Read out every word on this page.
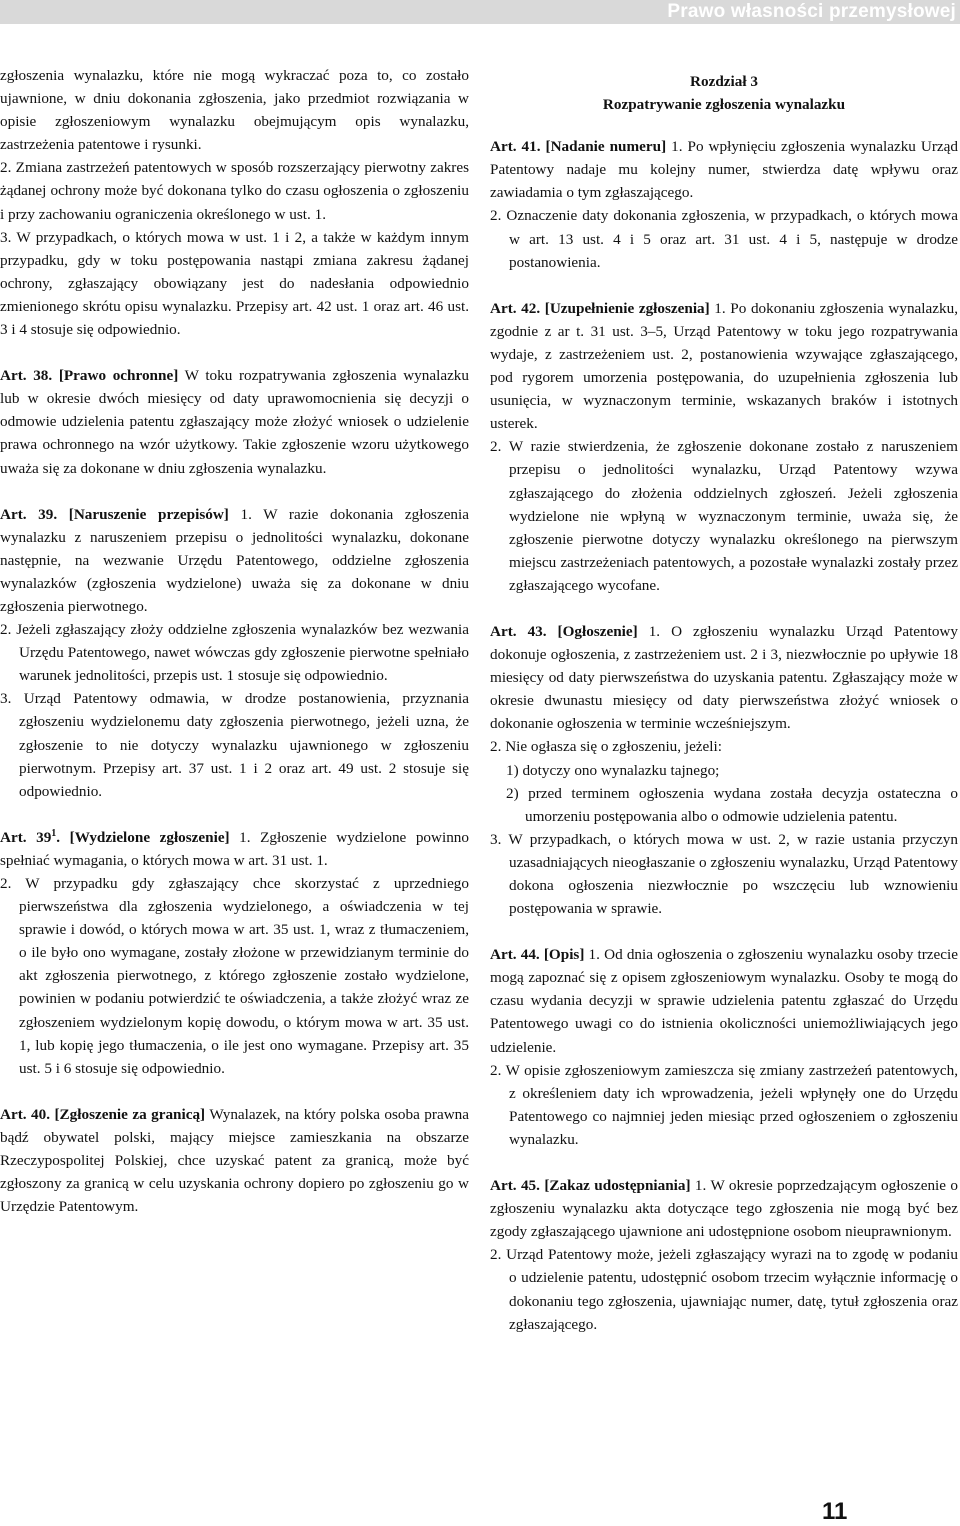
Prawo własności przemysłowej

zgłoszenia wynalazku, które nie mogą wykraczać poza to, co zostało ujawnione, w dniu dokonania zgłoszenia, jako przedmiot rozwiązania w opisie zgłoszeniowym wynalazku obejmującym opis wynalazku, zastrzeżenia patentowe i rysunki.

2. Zmiana zastrzeżeń patentowych w sposób rozszerzający pierwotny zakres żądanej ochrony może być dokonana tylko do czasu ogłoszenia o zgłoszeniu i przy zachowaniu ograniczenia określonego w ust. 1.

3. W przypadkach, o których mowa w ust. 1 i 2, a także w każdym innym przypadku, gdy w toku postępowania nastąpi zmiana zakresu żądanej ochrony, zgłaszający obowiązany jest do nadesłania odpowiednio zmienionego skrótu opisu wynalazku. Przepisy art. 42 ust. 1 oraz art. 46 ust. 3 i 4 stosuje się odpowiednio.

Art. 38. [Prawo ochronne] W toku rozpatrywania zgłoszenia wynalazku lub w okresie dwóch miesięcy od daty uprawomocnienia się decyzji o odmowie udzielenia patentu zgłaszający może złożyć wniosek o udzielenie prawa ochronnego na wzór użytkowy. Takie zgłoszenie wzoru użytkowego uważa się za dokonane w dniu zgłoszenia wynalazku.

Art. 39. [Naruszenie przepisów] 1. W razie dokonania zgłoszenia wynalazku z naruszeniem przepisu o jednolitości wynalazku, dokonane następnie, na wezwanie Urzędu Patentowego, oddzielne zgłoszenia wynalazków (zgłoszenia wydzielone) uważa się za dokonane w dniu zgłoszenia pierwotnego.

2. Jeżeli zgłaszający złoży oddzielne zgłoszenia wynalazków bez wezwania Urzędu Patentowego, nawet wówczas gdy zgłoszenie pierwotne spełniało warunek jednolitości, przepis ust. 1 stosuje się odpowiednio.

3. Urząd Patentowy odmawia, w drodze postanowienia, przyznania zgłoszeniu wydzielonemu daty zgłoszenia pierwotnego, jeżeli uzna, że zgłoszenie to nie dotyczy wynalazku ujawnionego w zgłoszeniu pierwotnym. Przepisy art. 37 ust. 1 i 2 oraz art. 49 ust. 2 stosuje się odpowiednio.

Art. $39^1$. [Wydzielone zgłoszenie] 1. Zgłoszenie wydzielone powinno spełniać wymagania, o których mowa w art. 31 ust. 1.

2. W przypadku gdy zgłaszający chce skorzystać z uprzedniego pierwszeństwa dla zgłoszenia wydzielonego, a oświadczenia w tej sprawie i dowód, o których mowa w art. 35 ust. 1, wraz z tłumaczeniem, o ile było ono wymagane, zostały złożone w przewidzianym terminie do akt zgłoszenia pierwotnego, z którego zgłoszenie zostało wydzielone, powinien w podaniu potwierdzić te oświadczenia, a także złożyć wraz ze zgłoszeniem wydzielonym kopię dowodu, o którym mowa w art. 35 ust. 1, lub kopię jego tłumaczenia, o ile jest ono wymagane. Przepisy art. 35 ust. 5 i 6 stosuje się odpowiednio.

Art. 40. [Zgłoszenie za granicą] Wynalazek, na który polska osoba prawna bądź obywatel polski, mający miejsce zamieszkania na obszarze Rzeczypospolitej Polskiej, chce uzyskać patent za granicą, może być zgłoszony za granicą w celu uzyskania ochrony dopiero po zgłoszeniu go w Urzędzie Patentowym.

Rozdział 3
Rozpatrywanie zgłoszenia wynalazku

Art. 41. [Nadanie numeru] 1. Po wpłynięciu zgłoszenia wynalazku Urząd Patentowy nadaje mu kolejny numer, stwierdza datę wpływu oraz zawiadamia o tym zgłaszającego.

2. Oznaczenie daty dokonania zgłoszenia, w przypadkach, o których mowa w art. 13 ust. 4 i 5 oraz art. 31 ust. 4 i 5, następuje w drodze postanowienia.

Art. 42. [Uzupełnienie zgłoszenia] 1. Po dokonaniu zgłoszenia wynalazku, zgodnie z ar t. 31 ust. 3–5, Urząd Patentowy w toku jego rozpatrywania wydaje, z zastrzeżeniem ust. 2, postanowienia wzywające zgłaszającego, pod rygorem umorzenia postępowania, do uzupełnienia zgłoszenia lub usunięcia, w wyznaczonym terminie, wskazanych braków i istotnych usterek.

2. W razie stwierdzenia, że zgłoszenie dokonane zostało z naruszeniem przepisu o jednolitości wynalazku, Urząd Patentowy wzywa zgłaszającego do złożenia oddzielnych zgłoszeń. Jeżeli zgłoszenia wydzielone nie wpłyną w wyznaczonym terminie, uważa się, że zgłoszenie pierwotne dotyczy wynalazku określonego na pierwszym miejscu zastrzeżeniach patentowych, a pozostałe wynalazki zostały przez zgłaszającego wycofane.

Art. 43. [Ogłoszenie] 1. O zgłoszeniu wynalazku Urząd Patentowy dokonuje ogłoszenia, z zastrzeżeniem ust. 2 i 3, niezwłocznie po upływie 18 miesięcy od daty pierwszeństwa do uzyskania patentu. Zgłaszający może w okresie dwunastu miesięcy od daty pierwszeństwa złożyć wniosek o dokonanie ogłoszenia w terminie wcześniejszym.

2. Nie ogłasza się o zgłoszeniu, jeżeli:

1) dotyczy ono wynalazku tajnego;

2) przed terminem ogłoszenia wydana została decyzja ostateczna o umorzeniu postępowania albo o odmowie udzielenia patentu.

3. W przypadkach, o których mowa w ust. 2, w razie ustania przyczyn uzasadniających nieogłaszanie o zgłoszeniu wynalazku, Urząd Patentowy dokona ogłoszenia niezwłocznie po wszczęciu lub wznowieniu postępowania w sprawie.

Art. 44. [Opis] 1. Od dnia ogłoszenia o zgłoszeniu wynalazku osoby trzecie mogą zapoznać się z opisem zgłoszeniowym wynalazku. Osoby te mogą do czasu wydania decyzji w sprawie udzielenia patentu zgłaszać do Urzędu Patentowego uwagi co do istnienia okoliczności uniemożliwiających jego udzielenie.

2. W opisie zgłoszeniowym zamieszcza się zmiany zastrzeżeń patentowych, z określeniem daty ich wprowadzenia, jeżeli wpłynęły one do Urzędu Patentowego co najmniej jeden miesiąc przed ogłoszeniem o zgłoszeniu wynalazku.

Art. 45. [Zakaz udostępniania] 1. W okresie poprzedzającym ogłoszenie o zgłoszeniu wynalazku akta dotyczące tego zgłoszenia nie mogą być bez zgody zgłaszającego ujawnione ani udostępnione osobom nieuprawnionym.

2. Urząd Patentowy może, jeżeli zgłaszający wyrazi na to zgodę w podaniu o udzielenie patentu, udostępnić osobom trzecim wyłącznie informację o dokonaniu tego zgłoszenia, ujawniając numer, datę, tytuł zgłoszenia oraz zgłaszającego.

11
